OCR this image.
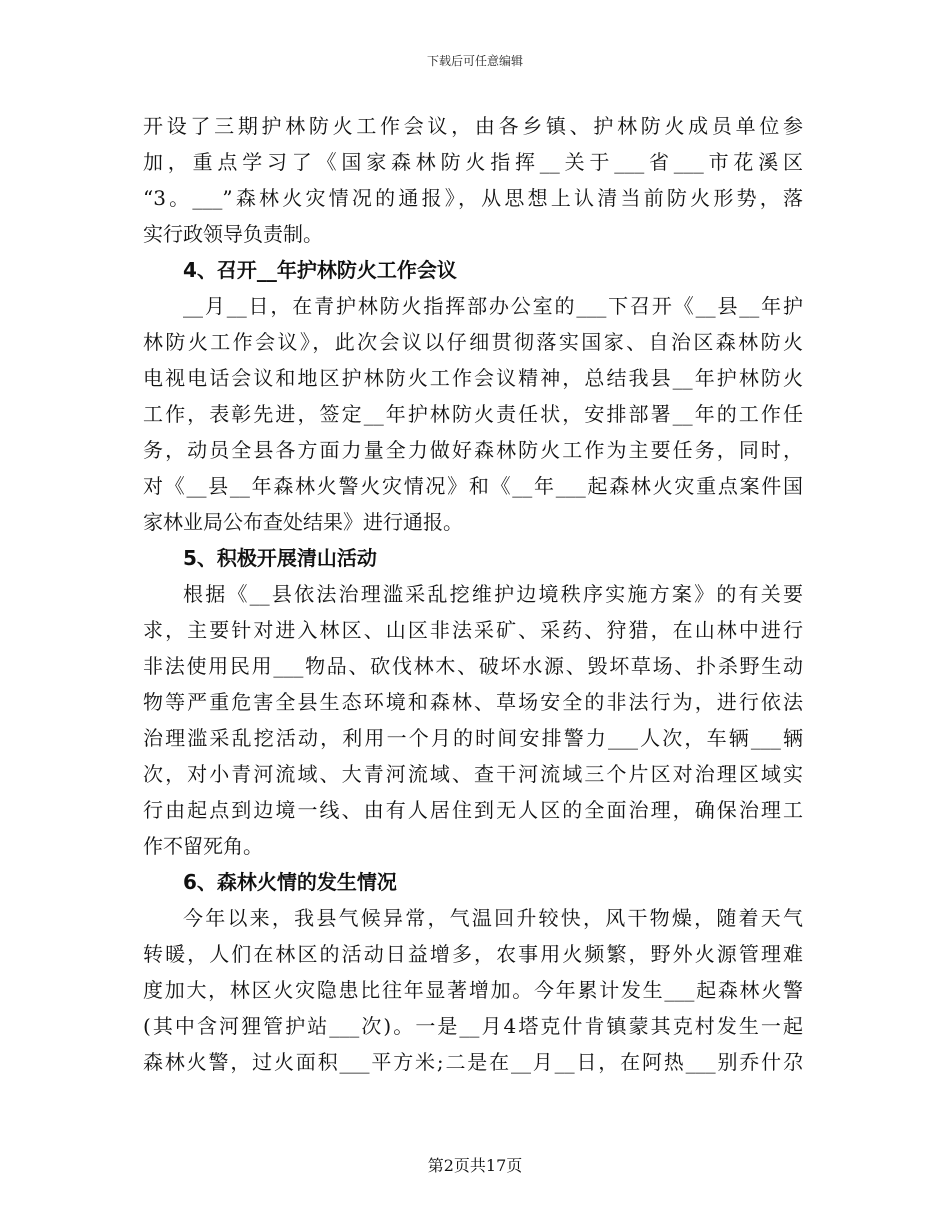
下载后可任意编辑
开设了三期护林防火工作会议，由各乡镇、护林防火成员单位参
加，重点学习了《国家森林防火指挥__关于___省___市花溪区
“3。___”森林火灾情况的通报》，从思想上认清当前防火形势，落
实行政领导负责制。
4、召开__年护林防火工作会议
__月__日，在青护林防火指挥部办公室的___下召开《__县__年护
林防火工作会议》，此次会议以仔细贯彻落实国家、自治区森林防火
电视电话会议和地区护林防火工作会议精神，总结我县__年护林防火
工作，表彰先进，签定__年护林防火责任状，安排部署__年的工作任
务，动员全县各方面力量全力做好森林防火工作为主要任务，同时，
对《__县__年森林火警火灾情况》和《__年___起森林火灾重点案件国
家林业局公布查处结果》进行通报。
5、积极开展清山活动
根据《__县依法治理滥采乱挖维护边境秩序实施方案》的有关要
求，主要针对进入林区、山区非法采矿、采药、狩猎，在山林中进行
非法使用民用___物品、砍伐林木、破坏水源、毁坏草场、扑杀野生动
物等严重危害全县生态环境和森林、草场安全的非法行为，进行依法
治理滥采乱挖活动，利用一个月的时间安排警力___人次，车辆___辆
次，对小青河流域、大青河流域、查干河流域三个片区对治理区域实
行由起点到边境一线、由有人居住到无人区的全面治理，确保治理工
作不留死角。
6、森林火情的发生情况
今年以来，我县气候异常，气温回升较快，风干物燥，随着天气
转暖，人们在林区的活动日益增多，农事用火频繁，野外火源管理难
度加大，林区火灾隐患比往年显著增加。今年累计发生___起森林火警
(其中含河狸管护站___次)。一是__月4塔克什肯镇蒙其克村发生一起
森林火警，过火面积___平方米;二是在__月__日，在阿热___别乔什尕
第2页共17页
